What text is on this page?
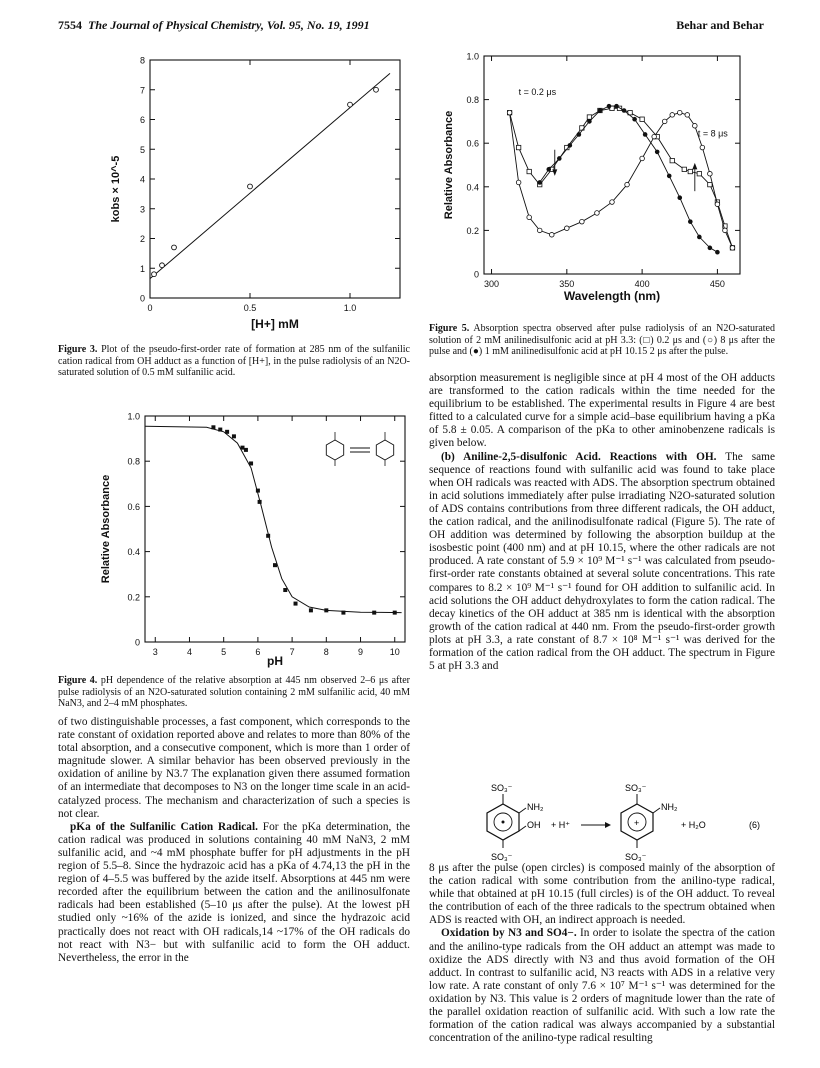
7554 The Journal of Physical Chemistry, Vol. 95, No. 19, 1991	Behar and Behar
0	0.5	1.0
0
1
2
3
4
5
6
7
8
[H+] mM
kobs × 10^-5
Figure 3. Plot of the pseudo-first-order rate of formation at 285 nm of the sulfanilic cation radical from OH adduct as a function of [H+], in the pulse radiolysis of an N2O-saturated solution of 0.5 mM sulfanilic acid.
3	4	5	6	7	8	9	10
0
0.2
0.4
0.6
0.8
1.0
pH
Relative Absorbance
Figure 4. pH dependence of the relative absorption at 445 nm observed 2–6 μs after pulse radiolysis of an N2O-saturated solution containing 2 mM sulfanilic acid, 40 mM NaN3, and 2–4 mM phosphates.

of two distinguishable processes, a fast component, which corresponds to the rate constant of oxidation reported above and relates to more than 80% of the total absorption, and a consecutive component, which is more than 1 order of magnitude slower. A similar behavior has been observed previously in the oxidation of aniline by N3.7 The explanation given there assumed formation of an intermediate that decomposes to N3 on the longer time scale in an acid-catalyzed process. The mechanism and characterization of such a species is not clear.

pKa of the Sulfanilic Cation Radical. For the pKa determination, the cation radical was produced in solutions containing 40 mM NaN3, 2 mM sulfanilic acid, and ~4 mM phosphate buffer for pH adjustments in the pH region of 5.5–8. Since the hydrazoic acid has a pKa of 4.74,13 the pH in the region of 4–5.5 was buffered by the azide itself. Absorptions at 445 nm were recorded after the equilibrium between the cation and the anilinosulfonate radicals had been established (5–10 μs after the pulse). At the lowest pH studied only ~16% of the azide is ionized, and since the hydrazoic acid practically does not react with OH radicals,14 ~17% of the OH radicals do not react with N3− but with sulfanilic acid to form the OH adduct. Nevertheless, the error in the

300	350	400	450
0
0.2
0.4
0.6
0.8
1.0
t = 0.2 μs
t = 8 μs
Wavelength (nm)
Relative Absorbance
Figure 5. Absorption spectra observed after pulse radiolysis of an N2O-saturated solution of 2 mM anilinedisulfonic acid at pH 3.3: (□) 0.2 μs and (○) 8 μs after the pulse and (●) 1 mM anilinedisulfonic acid at pH 10.15 2 μs after the pulse.

absorption measurement is negligible since at pH 4 most of the OH adducts are transformed to the cation radicals within the time needed for the equilibrium to be established. The experimental results in Figure 4 are best fitted to a calculated curve for a simple acid–base equilibrium having a pKa of 5.8 ± 0.05. A comparison of the pKa to other aminobenzene radicals is given below.

(b) Aniline-2,5-disulfonic Acid. Reactions with OH. The same sequence of reactions found with sulfanilic acid was found to take place when OH radicals was reacted with ADS. The absorption spectrum obtained in acid solutions immediately after pulse irradiating N2O-saturated solution of ADS contains contributions from three different radicals, the OH adduct, the cation radical, and the anilinodisulfonate radical (Figure 5). The rate of OH addition was determined by following the absorption buildup at the isosbestic point (400 nm) and at pH 10.15, where the other radicals are not produced. A rate constant of 5.9 × 10⁹ M⁻¹ s⁻¹ was calculated from pseudo-first-order rate constants obtained at several solute concentrations. This rate compares to 8.2 × 10⁹ M⁻¹ s⁻¹ found for OH addition to sulfanilic acid. In acid solutions the OH adduct dehydroxylates to form the cation radical. The decay kinetics of the OH adduct at 385 nm is identical with the absorption growth of the cation radical at 440 nm. From the pseudo-first-order growth plots at pH 3.3, a rate constant of 8.7 × 10⁸ M⁻¹ s⁻¹ was derived for the formation of the cation radical from the OH adduct. The spectrum in Figure 5 at pH 3.3 and

SO₃⁻
SO₃⁻
NH₂
OH + H⁺	+
SO₃⁻
SO₃⁻
NH₂
+ H₂O	(6)

8 μs after the pulse (open circles) is composed mainly of the absorption of the cation radical with some contribution from the anilino-type radical, while that obtained at pH 10.15 (full circles) is of the OH adduct. To reveal the contribution of each of the three radicals to the spectrum obtained when ADS is reacted with OH, an indirect approach is needed.

Oxidation by N3 and SO4−. In order to isolate the spectra of the cation and the anilino-type radicals from the OH adduct an attempt was made to oxidize the ADS directly with N3 and thus avoid formation of the OH adduct. In contrast to sulfanilic acid, N3 reacts with ADS in a relative very low rate. A rate constant of only 7.6 × 10⁷ M⁻¹ s⁻¹ was determined for the oxidation by N3. This value is 2 orders of magnitude lower than the rate of the parallel oxidation reaction of sulfanilic acid. With such a low rate the formation of the cation radical was always accompanied by a substantial concentration of the anilino-type radical resulting
